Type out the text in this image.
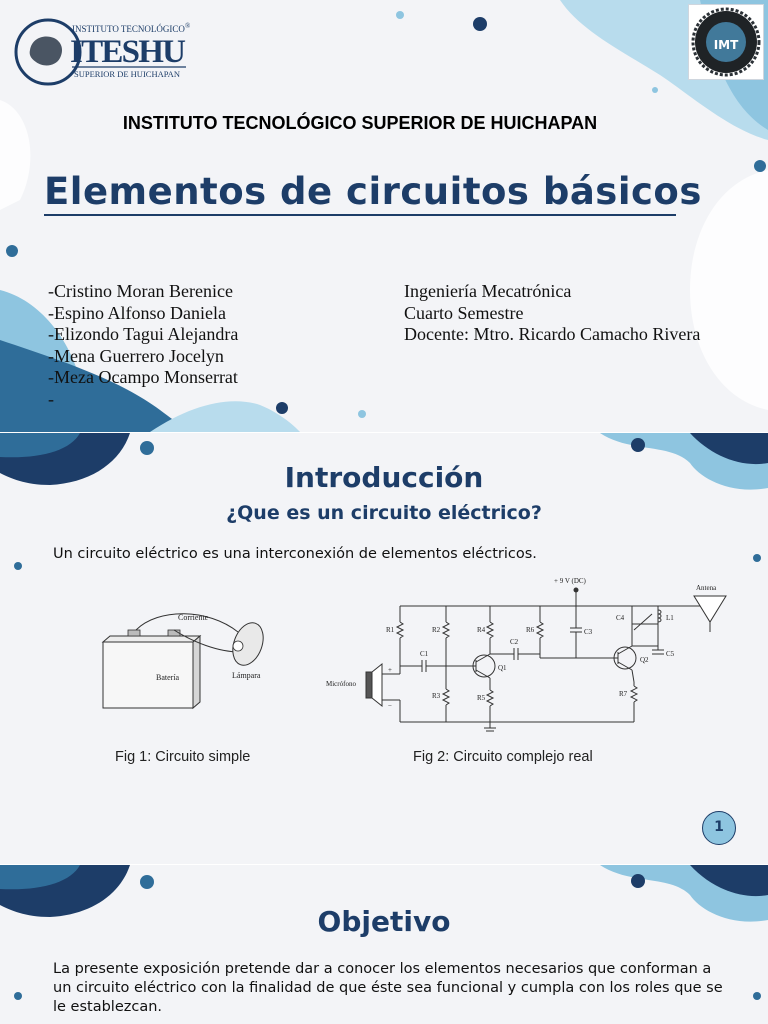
INSTITUTO TECNOLÓGICO ®
ITESHU
SUPERIOR DE HUICHAPAN
IMT
INSTITUTO TECNOLÓGICO SUPERIOR DE HUICHAPAN
Elementos de circuitos básicos
-Cristino Moran Berenice
-Espino Alfonso Daniela
-Elizondo Tagui Alejandra
-Mena Guerrero Jocelyn
-Meza Ocampo Monserrat
-
Ingeniería Mecatrónica
Cuarto Semestre
Docente: Mtro. Ricardo Camacho Rivera
Introducción
¿Que es un circuito eléctrico?
Un circuito eléctrico es una interconexión de elementos eléctricos.
Corriente
Batería	Lámpara
+ 9 V (DC)
Antena
Micrófono
+
−
R1	R2
R3
R4
R5
R6
R7
C1
C2
C3
C4
C5
L1
Q1
Q2
Fig 1: Circuito simple	Fig 2: Circuito complejo real
1
Objetivo
La presente exposición pretende dar a conocer los elementos necesarios que conforman a un circuito eléctrico con la finalidad de que éste sea funcional y cumpla con los roles que se le establezcan.
